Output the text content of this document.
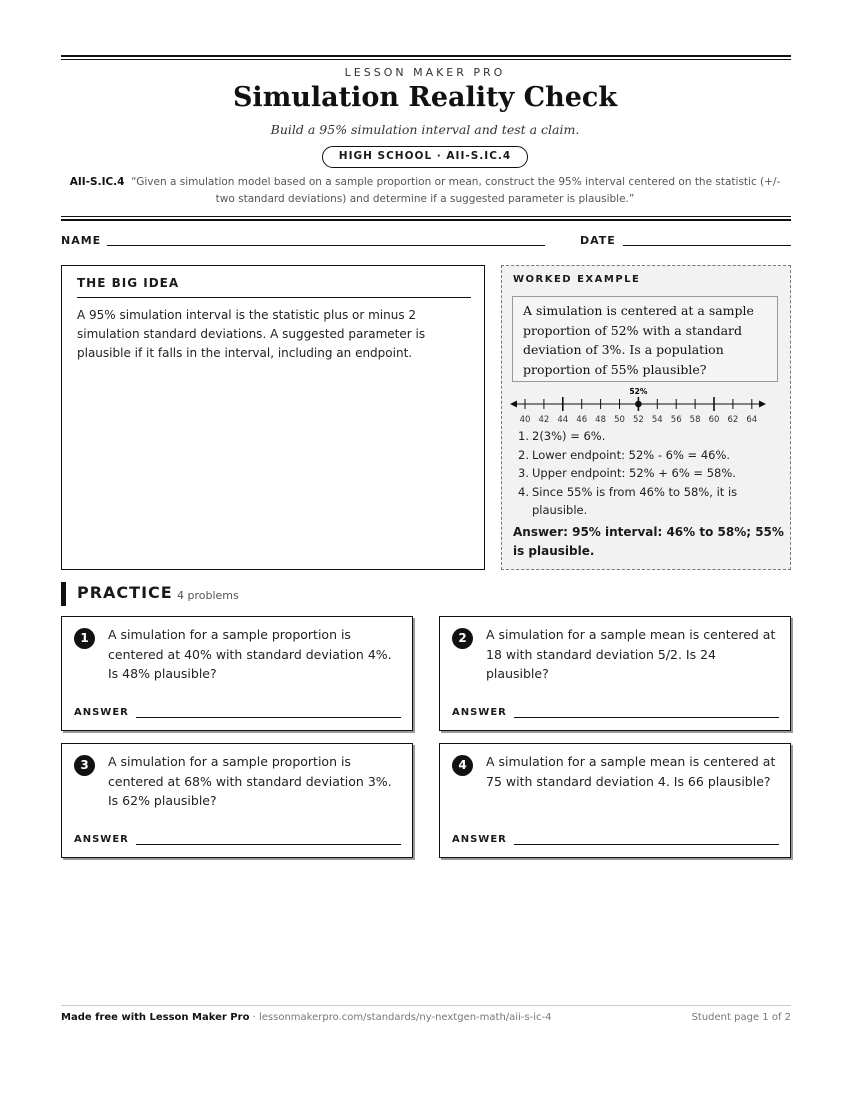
LESSON MAKER PRO
Simulation Reality Check
Build a 95% simulation interval and test a claim.
HIGH SCHOOL · AII-S.IC.4
AII-S.IC.4 “Given a simulation model based on a sample proportion or mean, construct the 95% interval centered on the statistic (+/- two standard deviations) and determine if a suggested parameter is plausible.”
NAME	DATE
THE BIG IDEA
A 95% simulation interval is the statistic plus or minus 2 simulation standard deviations. A suggested parameter is plausible if it falls in the interval, including an endpoint.
WORKED EXAMPLE
A simulation is centered at a sample proportion of 52% with a standard deviation of 3%. Is a population proportion of 55% plausible?
40 42 44 46 48 50 52 54 56 58 60 62 64
52%
1. 2(3%) = 6%.
2. Lower endpoint: 52% - 6% = 46%.
3. Upper endpoint: 52% + 6% = 58%.
4. Since 55% is from 46% to 58%, it is plausible.
Answer: 95% interval: 46% to 58%; 55% is plausible.
PRACTICE 4 problems
1	A simulation for a sample proportion is centered at 40% with standard deviation 4%. Is 48% plausible?
ANSWER
2	A simulation for a sample mean is centered at 18 with standard deviation 5/2. Is 24 plausible?
ANSWER
3	A simulation for a sample proportion is centered at 68% with standard deviation 3%. Is 62% plausible?
ANSWER
4	A simulation for a sample mean is centered at 75 with standard deviation 4. Is 66 plausible?
ANSWER
Made free with Lesson Maker Pro · lessonmakerpro.com/standards/ny-nextgen-math/aii-s-ic-4	Student page 1 of 2
